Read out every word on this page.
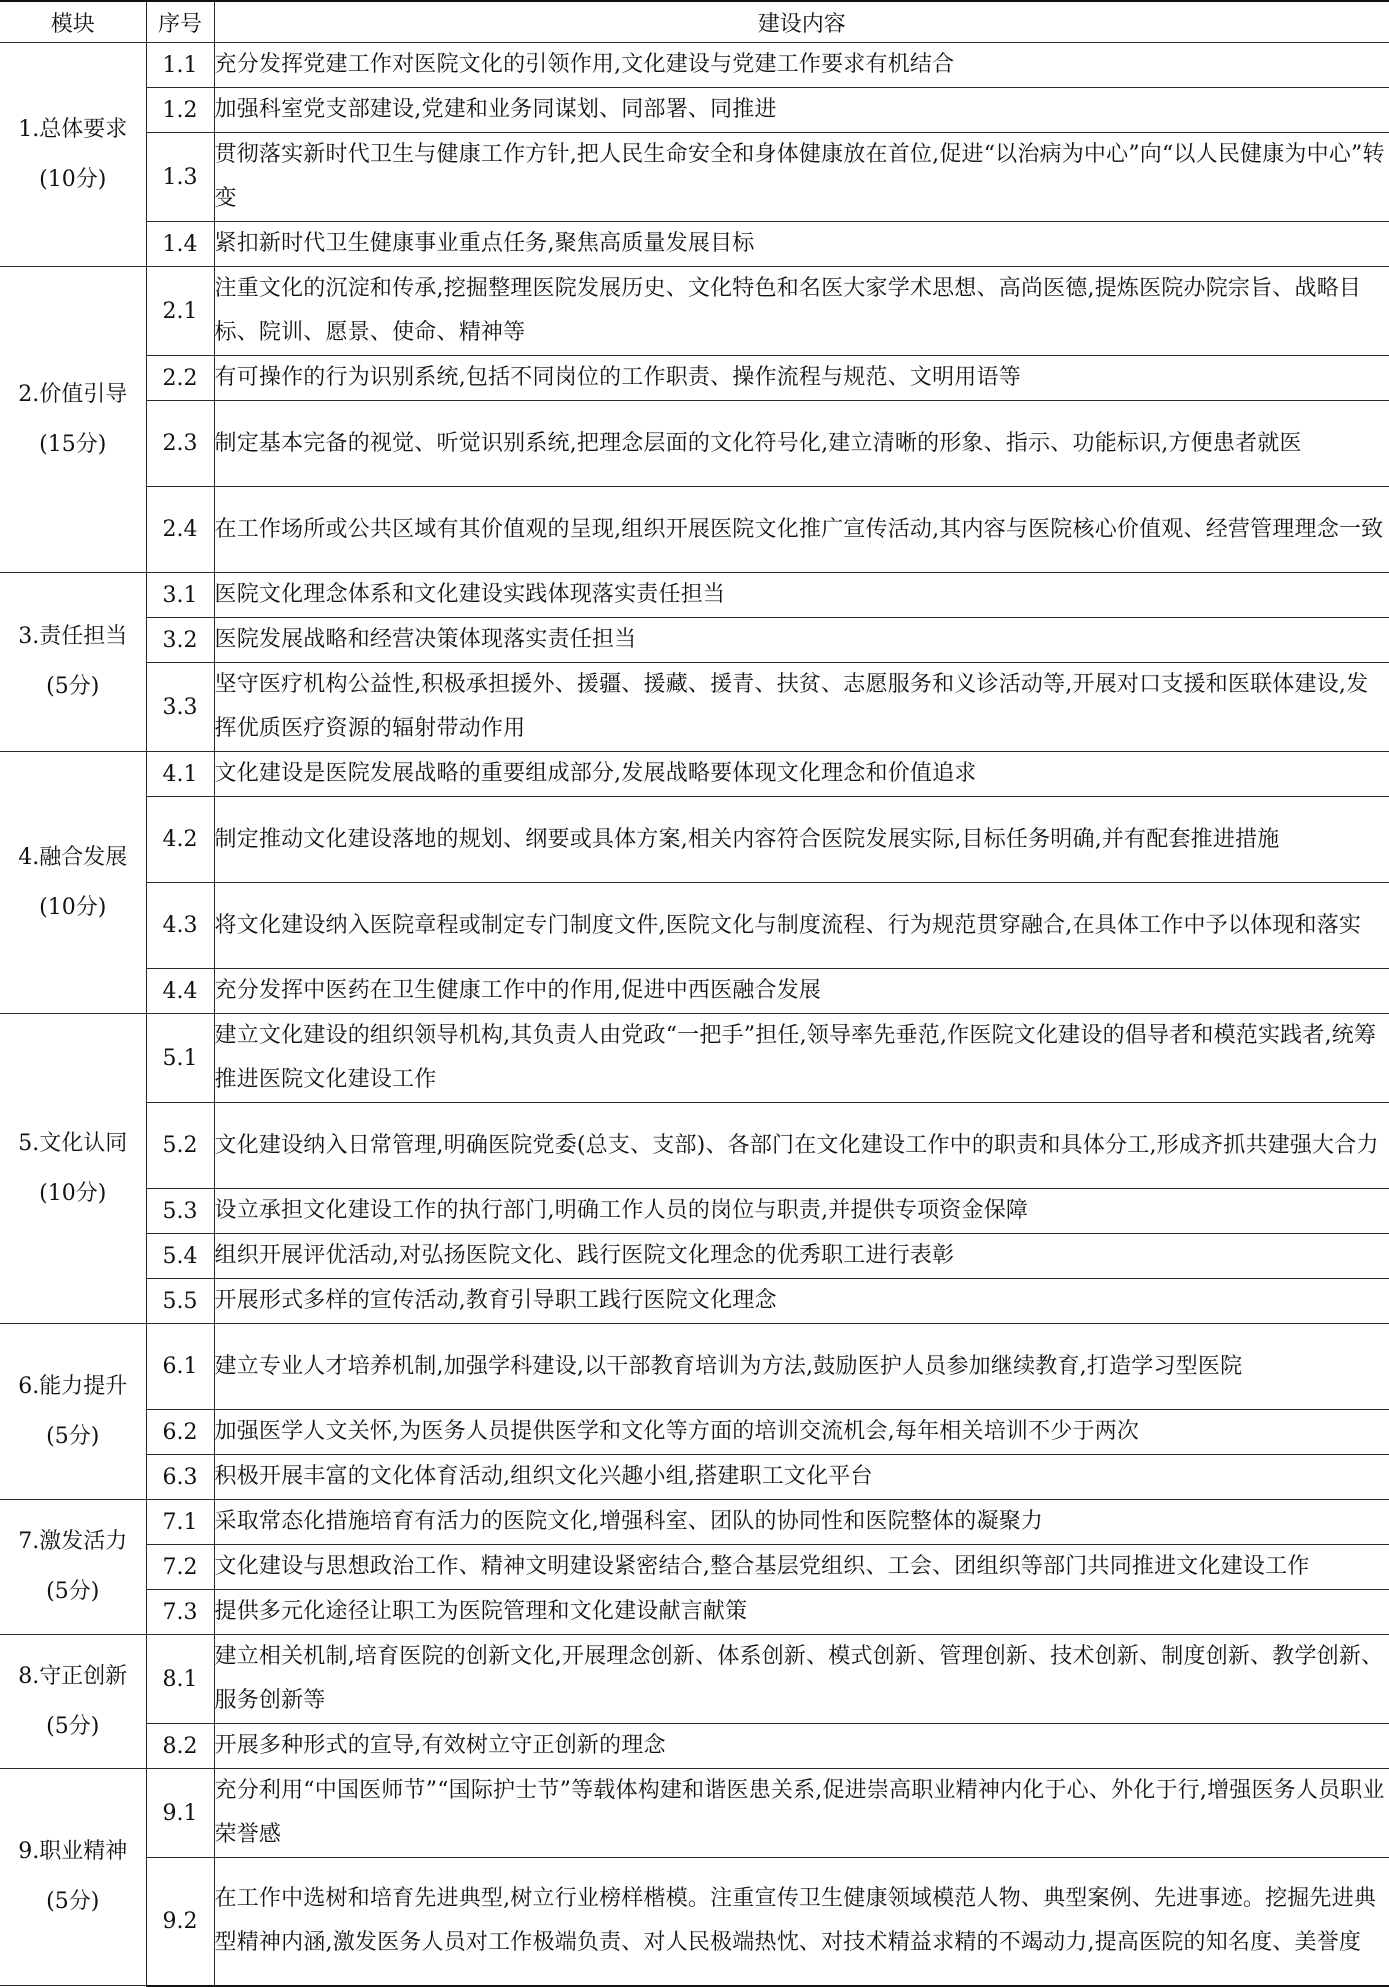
模块	序号	建设内容

1.总体要求
(10分)	1.1	充分发挥党建工作对医院文化的引领作用,文化建设与党建工作要求有机结合
	1.2	加强科室党支部建设,党建和业务同谋划、同部署、同推进
	1.3	贯彻落实新时代卫生与健康工作方针,把人民生命安全和身体健康放在首位,促进“以治病为中心”向“以人民健康为中心”转变
	1.4	紧扣新时代卫生健康事业重点任务,聚焦高质量发展目标

2.价值引导
(15分)	2.1	注重文化的沉淀和传承,挖掘整理医院发展历史、文化特色和名医大家学术思想、高尚医德,提炼医院办院宗旨、战略目标、院训、愿景、使命、精神等
	2.2	有可操作的行为识别系统,包括不同岗位的工作职责、操作流程与规范、文明用语等
	2.3	制定基本完备的视觉、听觉识别系统,把理念层面的文化符号化,建立清晰的形象、指示、功能标识,方便患者就医
	2.4	在工作场所或公共区域有其价值观的呈现,组织开展医院文化推广宣传活动,其内容与医院核心价值观、经营管理理念一致

3.责任担当
(5分)	3.1	医院文化理念体系和文化建设实践体现落实责任担当
	3.2	医院发展战略和经营决策体现落实责任担当
	3.3	坚守医疗机构公益性,积极承担援外、援疆、援藏、援青、扶贫、志愿服务和义诊活动等,开展对口支援和医联体建设,发挥优质医疗资源的辐射带动作用

4.融合发展
(10分)	4.1	文化建设是医院发展战略的重要组成部分,发展战略要体现文化理念和价值追求
	4.2	制定推动文化建设落地的规划、纲要或具体方案,相关内容符合医院发展实际,目标任务明确,并有配套推进措施
	4.3	将文化建设纳入医院章程或制定专门制度文件,医院文化与制度流程、行为规范贯穿融合,在具体工作中予以体现和落实
	4.4	充分发挥中医药在卫生健康工作中的作用,促进中西医融合发展

5.文化认同
(10分)	5.1	建立文化建设的组织领导机构,其负责人由党政“一把手”担任,领导率先垂范,作医院文化建设的倡导者和模范实践者,统筹推进医院文化建设工作
	5.2	文化建设纳入日常管理,明确医院党委(总支、支部)、各部门在文化建设工作中的职责和具体分工,形成齐抓共建强大合力
	5.3	设立承担文化建设工作的执行部门,明确工作人员的岗位与职责,并提供专项资金保障
	5.4	组织开展评优活动,对弘扬医院文化、践行医院文化理念的优秀职工进行表彰
	5.5	开展形式多样的宣传活动,教育引导职工践行医院文化理念

6.能力提升
(5分)	6.1	建立专业人才培养机制,加强学科建设,以干部教育培训为方法,鼓励医护人员参加继续教育,打造学习型医院
	6.2	加强医学人文关怀,为医务人员提供医学和文化等方面的培训交流机会,每年相关培训不少于两次
	6.3	积极开展丰富的文化体育活动,组织文化兴趣小组,搭建职工文化平台

7.激发活力
(5分)	7.1	采取常态化措施培育有活力的医院文化,增强科室、团队的协同性和医院整体的凝聚力
	7.2	文化建设与思想政治工作、精神文明建设紧密结合,整合基层党组织、工会、团组织等部门共同推进文化建设工作
	7.3	提供多元化途径让职工为医院管理和文化建设献言献策

8.守正创新
(5分)	8.1	建立相关机制,培育医院的创新文化,开展理念创新、体系创新、模式创新、管理创新、技术创新、制度创新、教学创新、服务创新等
	8.2	开展多种形式的宣导,有效树立守正创新的理念

9.职业精神
(5分)	9.1	充分利用“中国医师节”“国际护士节”等载体构建和谐医患关系,促进崇高职业精神内化于心、外化于行,增强医务人员职业荣誉感
	9.2	在工作中选树和培育先进典型,树立行业榜样楷模。注重宣传卫生健康领域模范人物、典型案例、先进事迹。挖掘先进典型精神内涵,激发医务人员对工作极端负责、对人民极端热忱、对技术精益求精的不竭动力,提高医院的知名度、美誉度
